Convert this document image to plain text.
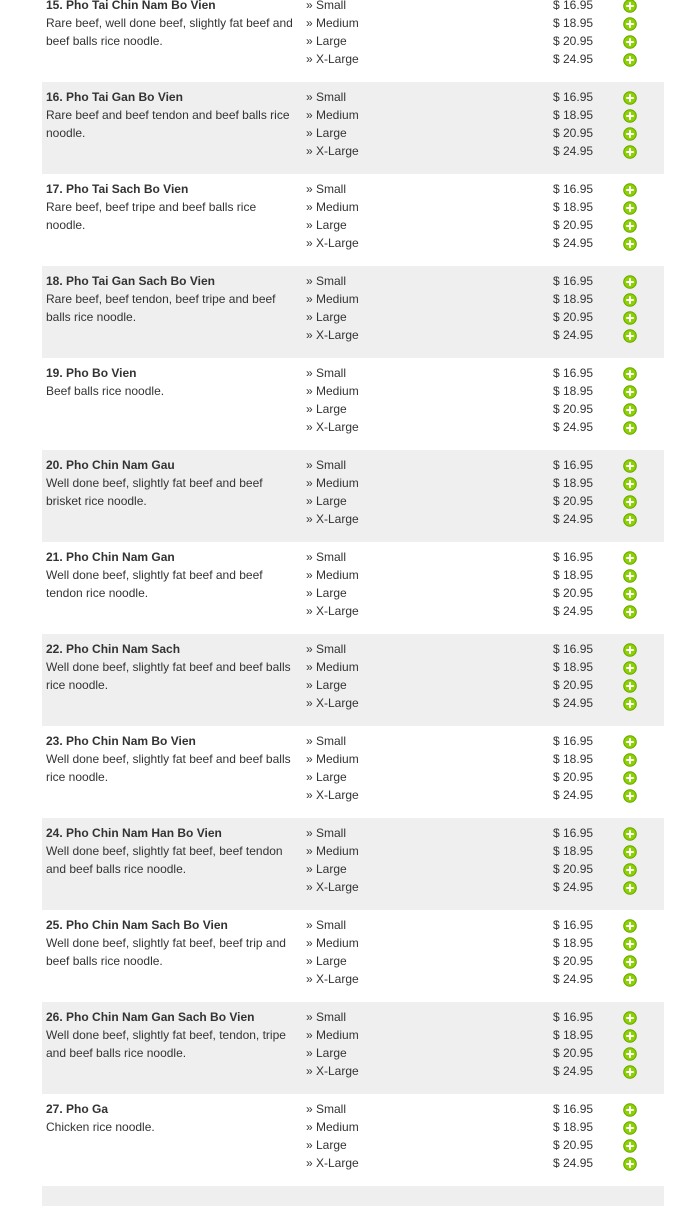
15. Pho Tai Chin Nam Bo Vien
Rare beef, well done beef, slightly fat beef and beef balls rice noodle.
» Small
» Medium
» Large
» X-Large
$ 16.95
$ 18.95
$ 20.95
$ 24.95
16. Pho Tai Gan Bo Vien
Rare beef and beef tendon and beef balls rice noodle.
» Small
» Medium
» Large
» X-Large
$ 16.95
$ 18.95
$ 20.95
$ 24.95
17. Pho Tai Sach Bo Vien
Rare beef, beef tripe and beef balls rice noodle.
» Small
» Medium
» Large
» X-Large
$ 16.95
$ 18.95
$ 20.95
$ 24.95
18. Pho Tai Gan Sach Bo Vien
Rare beef, beef tendon, beef tripe and beef balls rice noodle.
» Small
» Medium
» Large
» X-Large
$ 16.95
$ 18.95
$ 20.95
$ 24.95
19. Pho Bo Vien
Beef balls rice noodle.
» Small
» Medium
» Large
» X-Large
$ 16.95
$ 18.95
$ 20.95
$ 24.95
20. Pho Chin Nam Gau
Well done beef, slightly fat beef and beef brisket rice noodle.
» Small
» Medium
» Large
» X-Large
$ 16.95
$ 18.95
$ 20.95
$ 24.95
21. Pho Chin Nam Gan
Well done beef, slightly fat beef and beef tendon rice noodle.
» Small
» Medium
» Large
» X-Large
$ 16.95
$ 18.95
$ 20.95
$ 24.95
22. Pho Chin Nam Sach
Well done beef, slightly fat beef and beef balls rice noodle.
» Small
» Medium
» Large
» X-Large
$ 16.95
$ 18.95
$ 20.95
$ 24.95
23. Pho Chin Nam Bo Vien
Well done beef, slightly fat beef and beef balls rice noodle.
» Small
» Medium
» Large
» X-Large
$ 16.95
$ 18.95
$ 20.95
$ 24.95
24. Pho Chin Nam Han Bo Vien
Well done beef, slightly fat beef, beef tendon and beef balls rice noodle.
» Small
» Medium
» Large
» X-Large
$ 16.95
$ 18.95
$ 20.95
$ 24.95
25. Pho Chin Nam Sach Bo Vien
Well done beef, slightly fat beef, beef trip and beef balls rice noodle.
» Small
» Medium
» Large
» X-Large
$ 16.95
$ 18.95
$ 20.95
$ 24.95
26. Pho Chin Nam Gan Sach Bo Vien
Well done beef, slightly fat beef, tendon, tripe and beef balls rice noodle.
» Small
» Medium
» Large
» X-Large
$ 16.95
$ 18.95
$ 20.95
$ 24.95
27. Pho Ga
Chicken rice noodle.
» Small
» Medium
» Large
» X-Large
$ 16.95
$ 18.95
$ 20.95
$ 24.95
